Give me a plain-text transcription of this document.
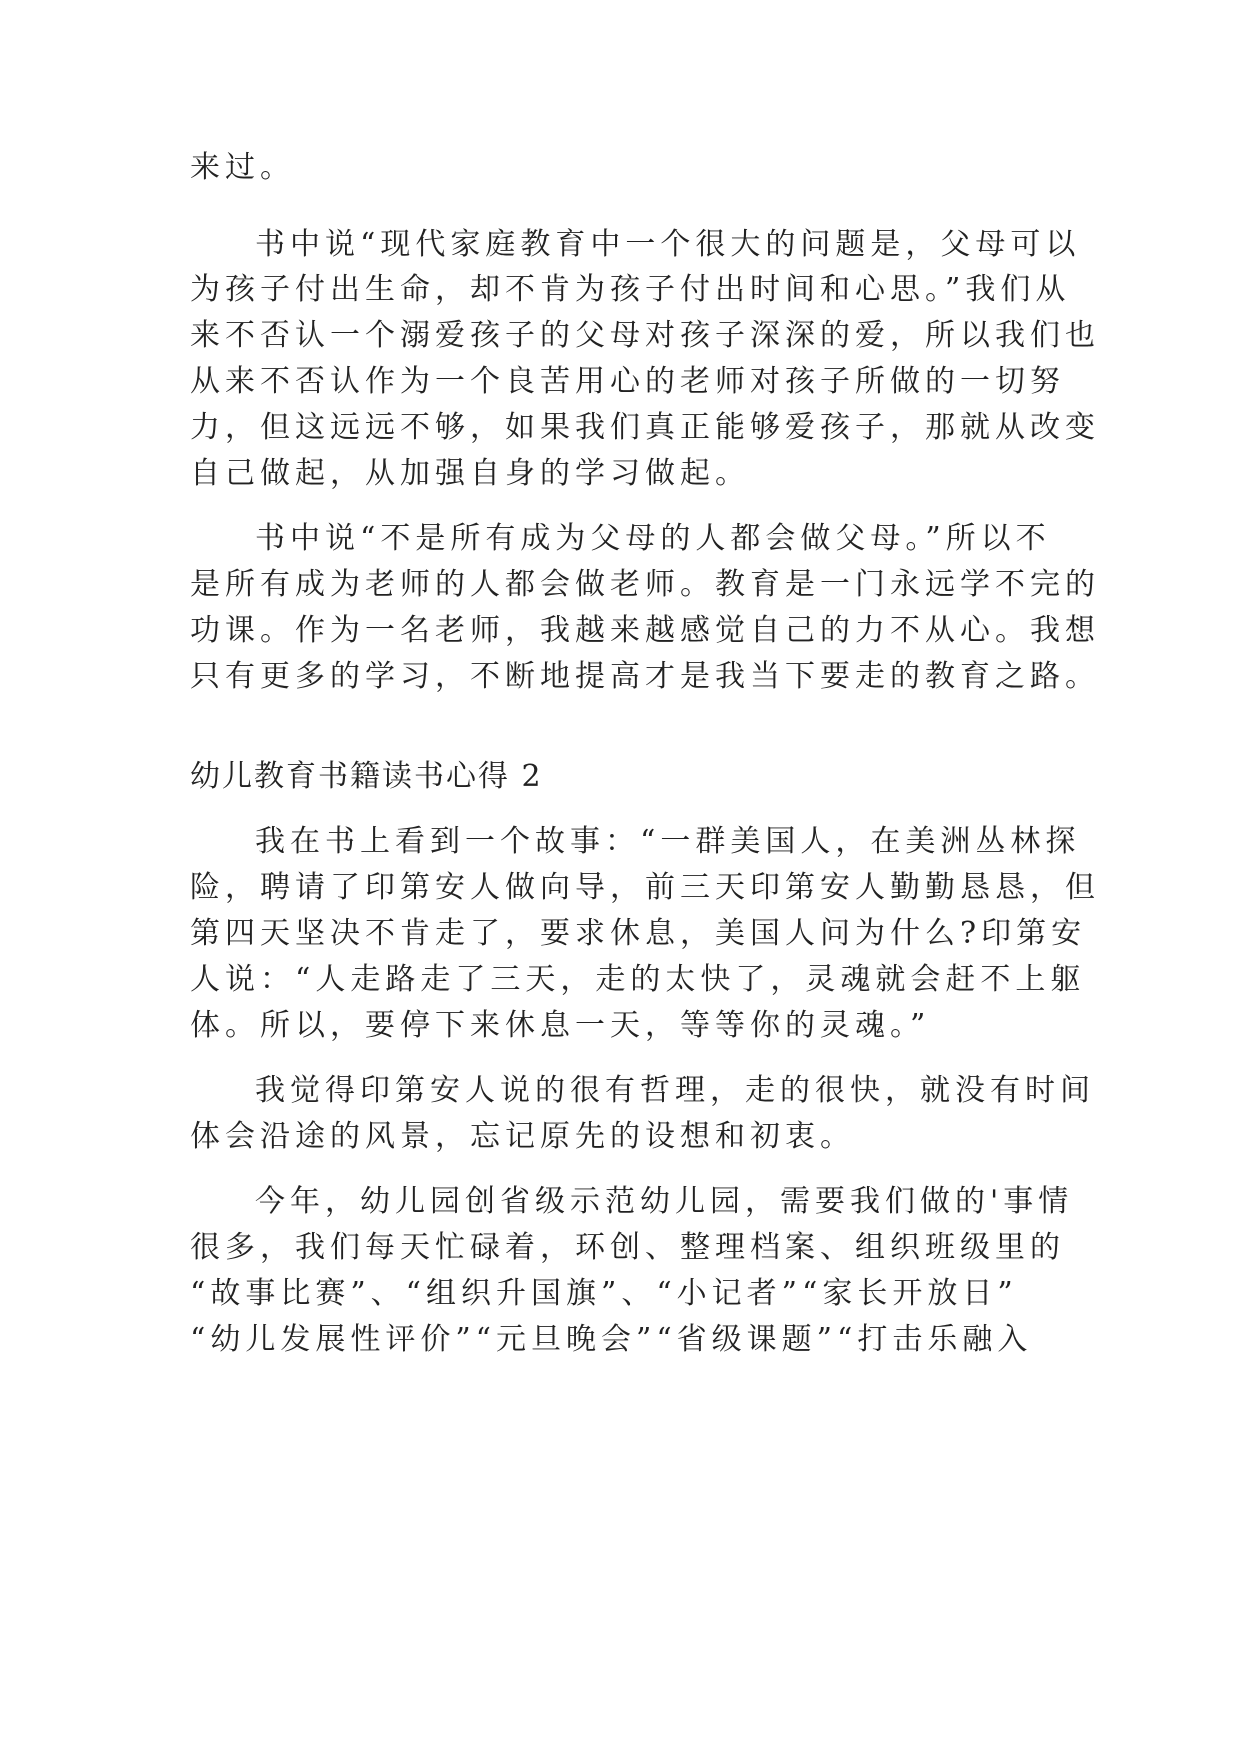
来过。

书中说“现代家庭教育中一个很大的问题是，父母可以

为孩子付出生命，却不肯为孩子付出时间和心思。”我们从

来不否认一个溺爱孩子的父母对孩子深深的爱，所以我们也

从来不否认作为一个良苦用心的老师对孩子所做的一切努

力，但这远远不够，如果我们真正能够爱孩子，那就从改变

自己做起，从加强自身的学习做起。

书中说“不是所有成为父母的人都会做父母。”所以不

是所有成为老师的人都会做老师。教育是一门永远学不完的

功课。作为一名老师，我越来越感觉自己的力不从心。我想

只有更多的学习，不断地提高才是我当下要走的教育之路。

幼儿教育书籍读书心得 2

我在书上看到一个故事：“一群美国人，在美洲丛林探

险，聘请了印第安人做向导，前三天印第安人勤勤恳恳，但

第四天坚决不肯走了，要求休息，美国人问为什么?印第安

人说：“人走路走了三天，走的太快了，灵魂就会赶不上躯

体。所以，要停下来休息一天，等等你的灵魂。”

我觉得印第安人说的很有哲理，走的很快，就没有时间

体会沿途的风景，忘记原先的设想和初衷。

今年，幼儿园创省级示范幼儿园，需要我们做的'事情

很多，我们每天忙碌着，环创、整理档案、组织班级里的

“故事比赛”、“组织升国旗”、“小记者”“家长开放日”

“幼儿发展性评价”“元旦晚会”“省级课题”“打击乐融入
